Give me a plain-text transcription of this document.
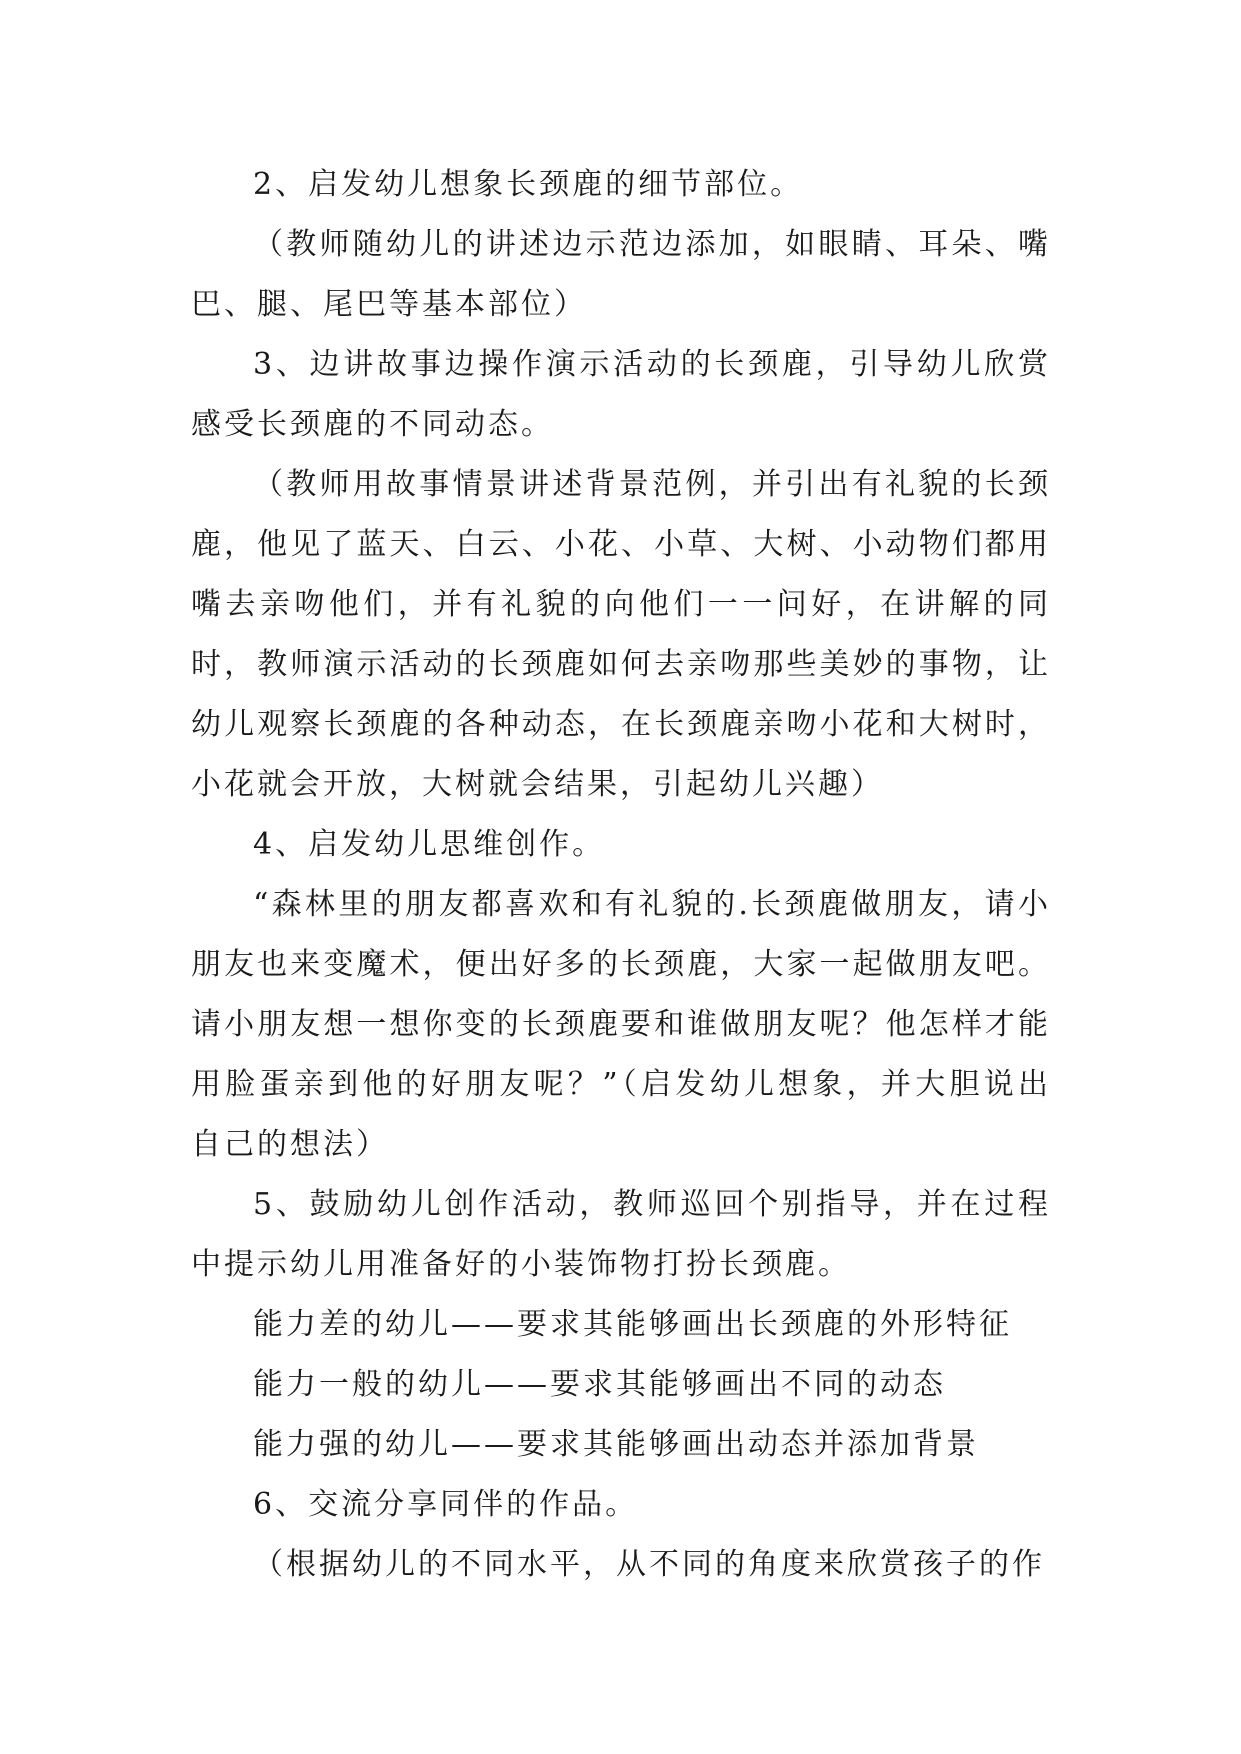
2、启发幼儿想象长颈鹿的细节部位。

（教师随幼儿的讲述边示范边添加，如眼睛、耳朵、嘴巴、腿、尾巴等基本部位）

3、边讲故事边操作演示活动的长颈鹿，引导幼儿欣赏感受长颈鹿的不同动态。

（教师用故事情景讲述背景范例，并引出有礼貌的长颈鹿，他见了蓝天、白云、小花、小草、大树、小动物们都用嘴去亲吻他们，并有礼貌的向他们一一问好，在讲解的同时，教师演示活动的长颈鹿如何去亲吻那些美妙的事物，让幼儿观察长颈鹿的各种动态，在长颈鹿亲吻小花和大树时，小花就会开放，大树就会结果，引起幼儿兴趣）

4、启发幼儿思维创作。

“森林里的朋友都喜欢和有礼貌的.长颈鹿做朋友，请小朋友也来变魔术，便出好多的长颈鹿，大家一起做朋友吧。请小朋友想一想你变的长颈鹿要和谁做朋友呢？他怎样才能用脸蛋亲到他的好朋友呢？”（启发幼儿想象，并大胆说出自己的想法）

5、鼓励幼儿创作活动，教师巡回个别指导，并在过程中提示幼儿用准备好的小装饰物打扮长颈鹿。

能力差的幼儿——要求其能够画出长颈鹿的外形特征

能力一般的幼儿——要求其能够画出不同的动态

能力强的幼儿——要求其能够画出动态并添加背景

6、交流分享同伴的作品。

（根据幼儿的不同水平，从不同的角度来欣赏孩子的作
